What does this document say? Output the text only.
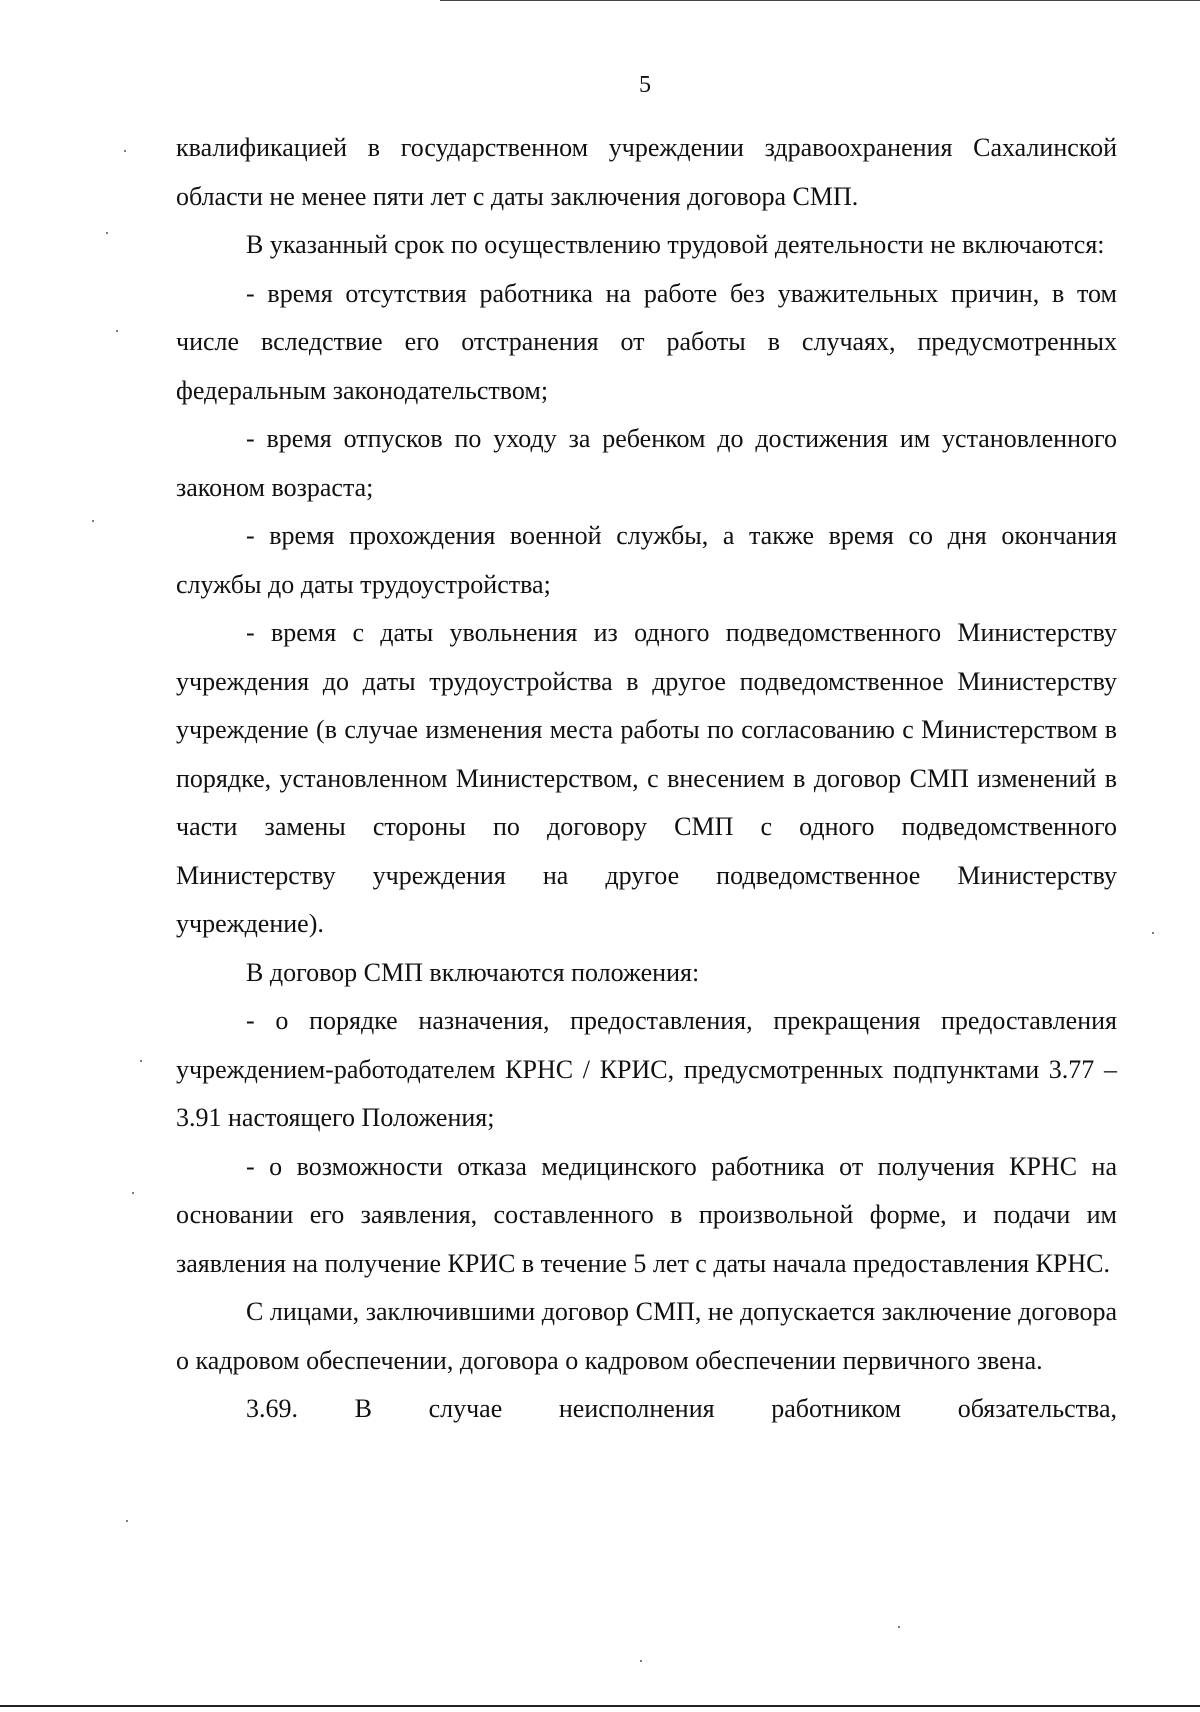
5

квалификацией в государственном учреждении здравоохранения Сахалинской области не менее пяти лет с даты заключения договора СМП.

В указанный срок по осуществлению трудовой деятельности не включаются:

- время отсутствия работника на работе без уважительных причин, в том числе вследствие его отстранения от работы в случаях, предусмотренных федеральным законодательством;

- время отпусков по уходу за ребенком до достижения им установленного законом возраста;

- время прохождения военной службы, а также время со дня окончания службы до даты трудоустройства;

- время с даты увольнения из одного подведомственного Министерству учреждения до даты трудоустройства в другое подведомственное Министерству учреждение (в случае изменения места работы по согласованию с Министерством в порядке, установленном Министерством, с внесением в договор СМП изменений в части замены стороны по договору СМП с одного подведомственного Министерству учреждения на другое подведомственное Министерству учреждение).

В договор СМП включаются положения:

- о порядке назначения, предоставления, прекращения предоставления учреждением-работодателем КРНС / КРИС, предусмотренных подпунктами 3.77 – 3.91 настоящего Положения;

- о возможности отказа медицинского работника от получения КРНС на основании его заявления, составленного в произвольной форме, и подачи им заявления на получение КРИС в течение 5 лет с даты начала предоставления КРНС.

С лицами, заключившими договор СМП, не допускается заключение договора о кадровом обеспечении, договора о кадровом обеспечении первичного звена.

3.69. В случае неисполнения работником обязательства,
